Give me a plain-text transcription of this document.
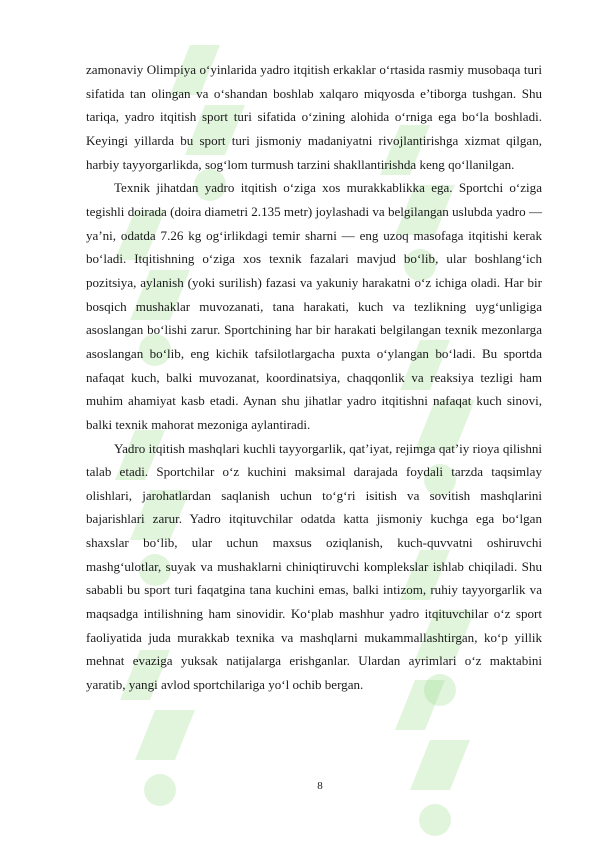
zamonaviy Olimpiya o‘yinlarida yadro itqitish erkaklar o‘rtasida rasmiy musobaqa turi sifatida tan olingan va o‘shandan boshlab xalqaro miqyosda e’tiborga tushgan. Shu tariqa, yadro itqitish sport turi sifatida o‘zining alohida o‘rniga ega bo‘la boshladi. Keyingi yillarda bu sport turi jismoniy madaniyatni rivojlantirishga xizmat qilgan, harbiy tayyorgarlikda, sog‘lom turmush tarzini shakllantirishda keng qo‘llanilgan.

Texnik jihatdan yadro itqitish o‘ziga xos murakkablikka ega. Sportchi o‘ziga tegishli doirada (doira diametri 2.135 metr) joylashadi va belgilangan uslubda yadro — ya’ni, odatda 7.26 kg og‘irlikdagi temir sharni — eng uzoq masofaga itqitishi kerak bo‘ladi. Itqitishning o‘ziga xos texnik fazalari mavjud bo‘lib, ular boshlang‘ich pozitsiya, aylanish (yoki surilish) fazasi va yakuniy harakatni o‘z ichiga oladi. Har bir bosqich mushaklar muvozanati, tana harakati, kuch va tezlikning uyg‘unligiga asoslangan bo‘lishi zarur. Sportchining har bir harakati belgilangan texnik mezonlarga asoslangan bo‘lib, eng kichik tafsilotlargacha puxta o‘ylangan bo‘ladi. Bu sportda nafaqat kuch, balki muvozanat, koordinatsiya, chaqqonlik va reaksiya tezligi ham muhim ahamiyat kasb etadi. Aynan shu jihatlar yadro itqitishni nafaqat kuch sinovi, balki texnik mahorat mezoniga aylantiradi.

Yadro itqitish mashqlari kuchli tayyorgarlik, qat’iyat, rejimga qat’iy rioya qilishni talab etadi. Sportchilar o‘z kuchini maksimal darajada foydali tarzda taqsimlay olishlari, jarohatlardan saqlanish uchun to‘g‘ri isitish va sovitish mashqlarini bajarishlari zarur. Yadro itqituvchilar odatda katta jismoniy kuchga ega bo‘lgan shaxslar bo‘lib, ular uchun maxsus oziqlanish, kuch-quvvatni oshiruvchi mashg‘ulotlar, suyak va mushaklarni chiniqtiruvchi komplekslar ishlab chiqiladi. Shu sababli bu sport turi faqatgina tana kuchini emas, balki intizom, ruhiy tayyorgarlik va maqsadga intilishning ham sinovidir. Ko‘plab mashhur yadro itqituvchilar o‘z sport faoliyatida juda murakkab texnika va mashqlarni mukammallashtirgan, ko‘p yillik mehnat evaziga yuksak natijalarga erishganlar. Ulardan ayrimlari o‘z maktabini yaratib, yangi avlod sportchilariga yo‘l ochib bergan.

8
